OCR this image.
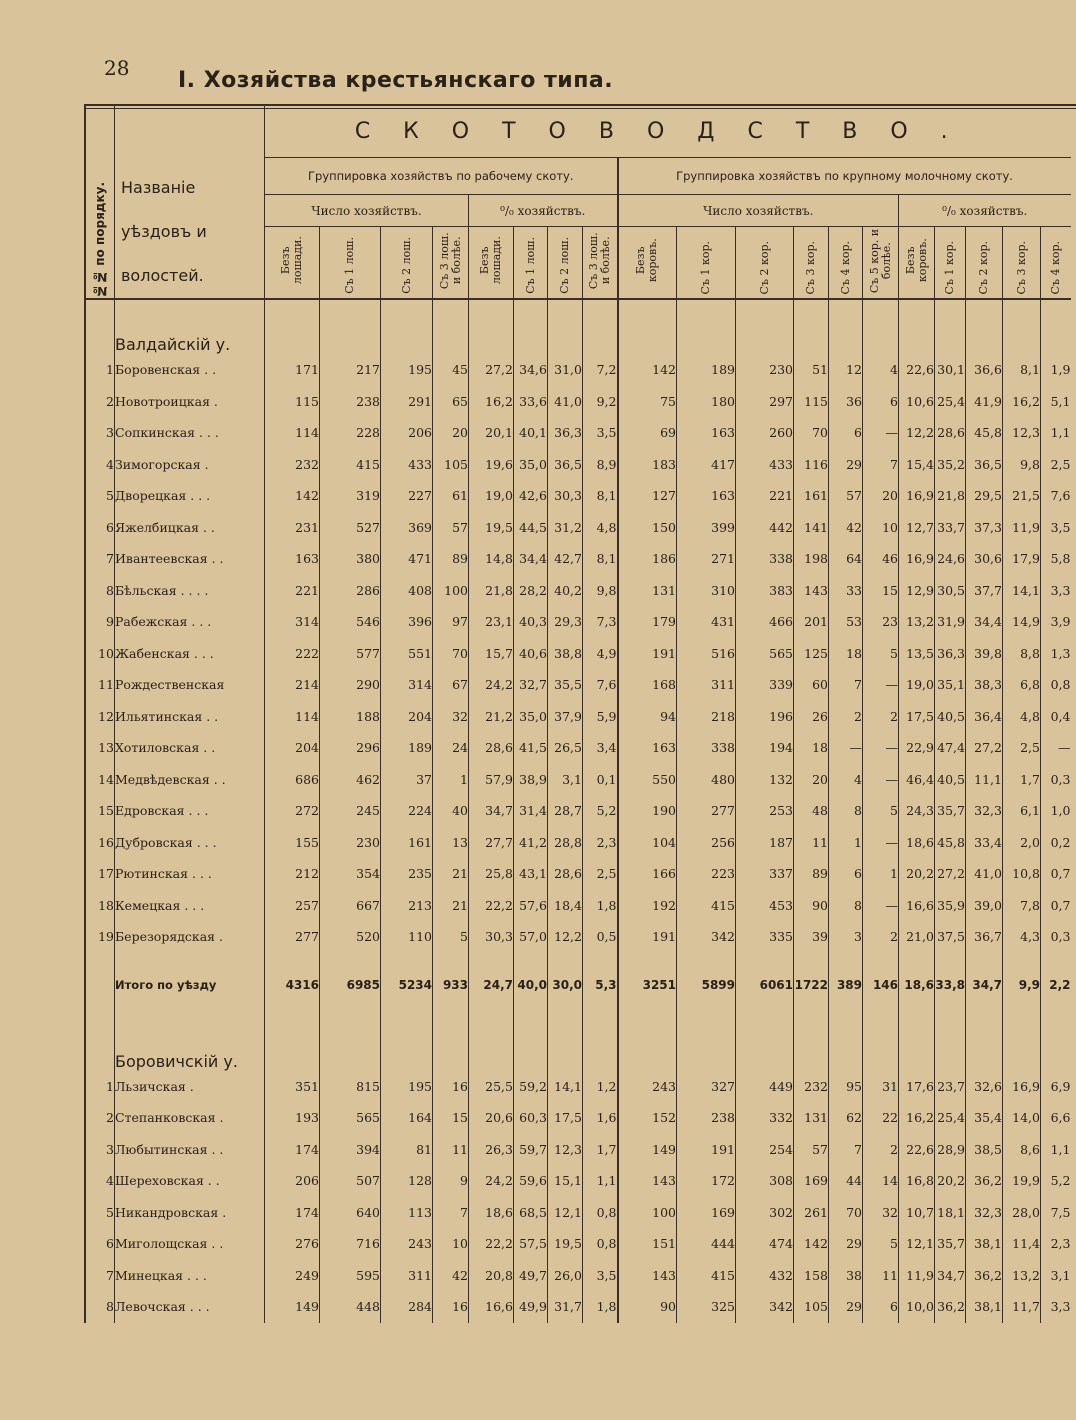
28 I. Хозяйства крестьянскаго типа.
№№ по порядку.	Названіе уѣздовъ и волостей.	СКОТОВОДСТВО.																		
		Группировка хозяйствъ по рабочему скоту.								Группировка хозяйствъ по крупному молочному скоту.										
		Число хозяйствъ.				⁰/₀ хозяйствъ.				Число хозяйствъ.						⁰/₀ хозяйствъ.				

		Безъ лошади.	Съ 1 лош.	Съ 2 лош.	Съ 3 лош. и болѣе.	Безъ лошади.	Съ 1 лош.	Съ 2 лош.	Съ 3 лош. и болѣе.	Безъ коровъ.	Съ 1 кор.	Съ 2 кор.	Съ 3 кор.	Съ 4 кор.	Съ 5 кор. и болѣе.	Безъ коровъ.	Съ 1 кор.	Съ 2 кор.	Съ 3 кор.	Съ 4 кор.

	Валдайскій у.																			
1	Боровенская . .	171	217	195	45	27,2	34,6	31,0	7,2	142	189	230	51	12	4	22,6	30,1	36,6	8,1	1,9
2	Новотроицкая .	115	238	291	65	16,2	33,6	41,0	9,2	75	180	297	115	36	6	10,6	25,4	41,9	16,2	5,1
3	Сопкинская . . .	114	228	206	20	20,1	40,1	36,3	3,5	69	163	260	70	6	—	12,2	28,6	45,8	12,3	1,1
4	Зимогорская .	232	415	433	105	19,6	35,0	36,5	8,9	183	417	433	116	29	7	15,4	35,2	36,5	9,8	2,5
5	Дворецкая . . .	142	319	227	61	19,0	42,6	30,3	8,1	127	163	221	161	57	20	16,9	21,8	29,5	21,5	7,6
6	Яжелбицкая . .	231	527	369	57	19,5	44,5	31,2	4,8	150	399	442	141	42	10	12,7	33,7	37,3	11,9	3,5
7	Ивантеевская . .	163	380	471	89	14,8	34,4	42,7	8,1	186	271	338	198	64	46	16,9	24,6	30,6	17,9	5,8
8	Бѣльская . . . .	221	286	408	100	21,8	28,2	40,2	9,8	131	310	383	143	33	15	12,9	30,5	37,7	14,1	3,3
9	Рабежская . . .	314	546	396	97	23,1	40,3	29,3	7,3	179	431	466	201	53	23	13,2	31,9	34,4	14,9	3,9
10	Жабенская . . .	222	577	551	70	15,7	40,6	38,8	4,9	191	516	565	125	18	5	13,5	36,3	39,8	8,8	1,3
11	Рождественская	214	290	314	67	24,2	32,7	35,5	7,6	168	311	339	60	7	—	19,0	35,1	38,3	6,8	0,8
12	Ильятинская . .	114	188	204	32	21,2	35,0	37,9	5,9	94	218	196	26	2	2	17,5	40,5	36,4	4,8	0,4
13	Хотиловская . .	204	296	189	24	28,6	41,5	26,5	3,4	163	338	194	18	—	—	22,9	47,4	27,2	2,5	—
14	Медвѣдевская . .	686	462	37	1	57,9	38,9	3,1	0,1	550	480	132	20	4	—	46,4	40,5	11,1	1,7	0,3
15	Едровская . . .	272	245	224	40	34,7	31,4	28,7	5,2	190	277	253	48	8	5	24,3	35,7	32,3	6,1	1,0
16	Дубровская . . .	155	230	161	13	27,7	41,2	28,8	2,3	104	256	187	11	1	—	18,6	45,8	33,4	2,0	0,2
17	Рютинская . . .	212	354	235	21	25,8	43,1	28,6	2,5	166	223	337	89	6	1	20,2	27,2	41,0	10,8	0,7
18	Кемецкая . . .	257	667	213	21	22,2	57,6	18,4	1,8	192	415	453	90	8	—	16,6	35,9	39,0	7,8	0,7
19	Березорядская .	277	520	110	5	30,3	57,0	12,2	0,5	191	342	335	39	3	2	21,0	37,5	36,7	4,3	0,3
	Итого по уѣзду	4316	6985	5234	933	24,7	40,0	30,0	5,3	3251	5899	6061	1722	389	146	18,6	33,8	34,7	9,9	2,2
	Боровичскій у.																			
1	Льзичская .	351	815	195	16	25,5	59,2	14,1	1,2	243	327	449	232	95	31	17,6	23,7	32,6	16,9	6,9
2	Степанковская .	193	565	164	15	20,6	60,3	17,5	1,6	152	238	332	131	62	22	16,2	25,4	35,4	14,0	6,6
3	Любытинская . .	174	394	81	11	26,3	59,7	12,3	1,7	149	191	254	57	7	2	22,6	28,9	38,5	8,6	1,1
4	Шереховская . .	206	507	128	9	24,2	59,6	15,1	1,1	143	172	308	169	44	14	16,8	20,2	36,2	19,9	5,2
5	Никандровская .	174	640	113	7	18,6	68,5	12,1	0,8	100	169	302	261	70	32	10,7	18,1	32,3	28,0	7,5
6	Миголощская . .	276	716	243	10	22,2	57,5	19,5	0,8	151	444	474	142	29	5	12,1	35,7	38,1	11,4	2,3
7	Минецкая . . .	249	595	311	42	20,8	49,7	26,0	3,5	143	415	432	158	38	11	11,9	34,7	36,2	13,2	3,1
8	Левочская . . .	149	448	284	16	16,6	49,9	31,7	1,8	90	325	342	105	29	6	10,0	36,2	38,1	11,7	3,3
